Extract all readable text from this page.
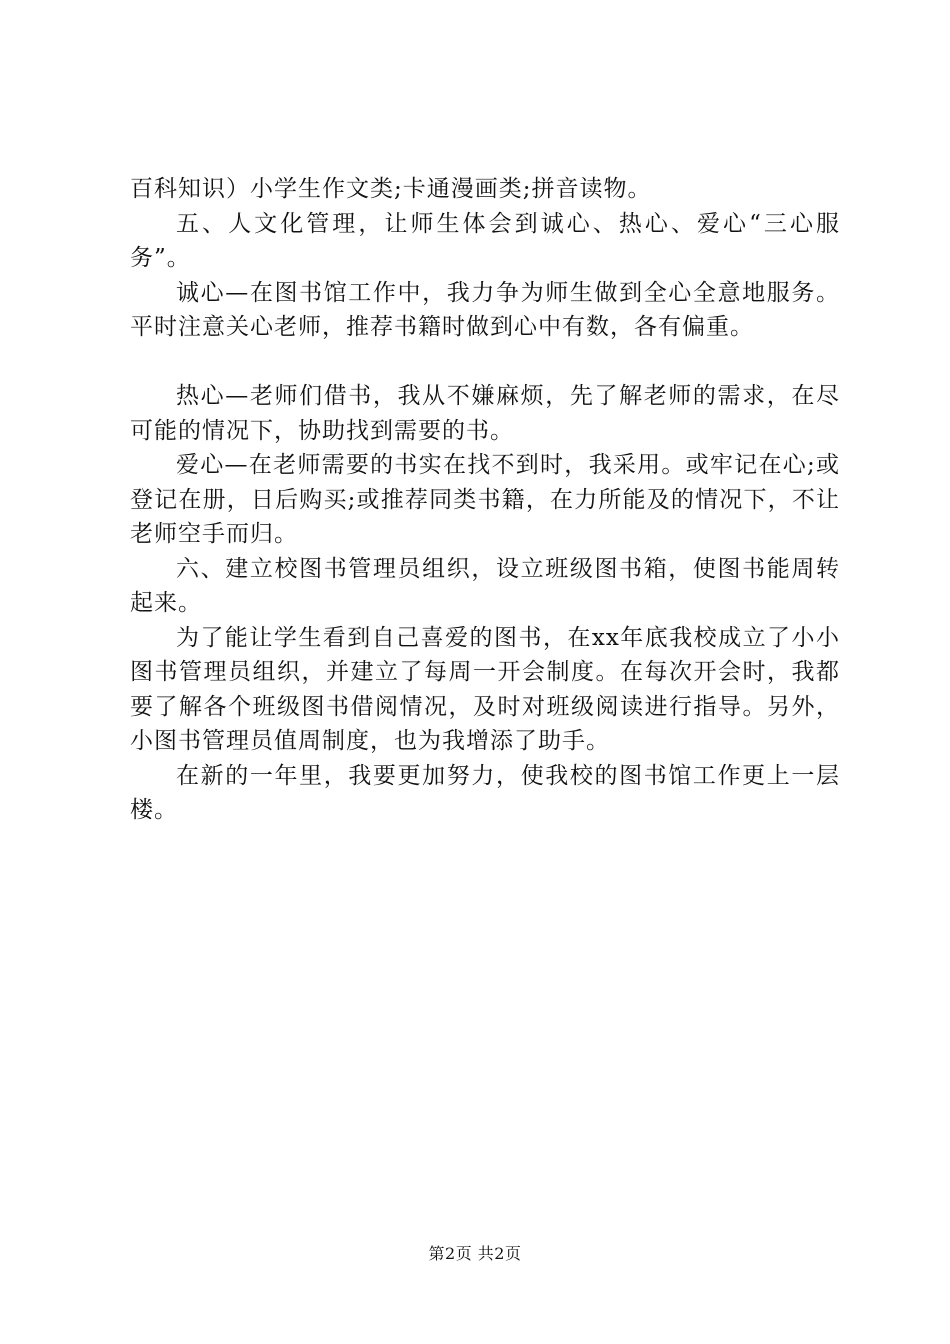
百科知识）小学生作文类;卡通漫画类;拼音读物。

五、人文化管理，让师生体会到诚心、热心、爱心“三心服务”。

诚心—在图书馆工作中，我力争为师生做到全心全意地服务。平时注意关心老师，推荐书籍时做到心中有数，各有偏重。

热心—老师们借书，我从不嫌麻烦，先了解老师的需求，在尽可能的情况下，协助找到需要的书。

爱心—在老师需要的书实在找不到时，我采用。或牢记在心;或登记在册，日后购买;或推荐同类书籍，在力所能及的情况下，不让老师空手而归。

六、建立校图书管理员组织，设立班级图书箱，使图书能周转起来。

为了能让学生看到自己喜爱的图书，在xx年底我校成立了小小图书管理员组织，并建立了每周一开会制度。在每次开会时，我都要了解各个班级图书借阅情况，及时对班级阅读进行指导。另外，小图书管理员值周制度，也为我增添了助手。

在新的一年里，我要更加努力，使我校的图书馆工作更上一层楼。

第2页 共2页
